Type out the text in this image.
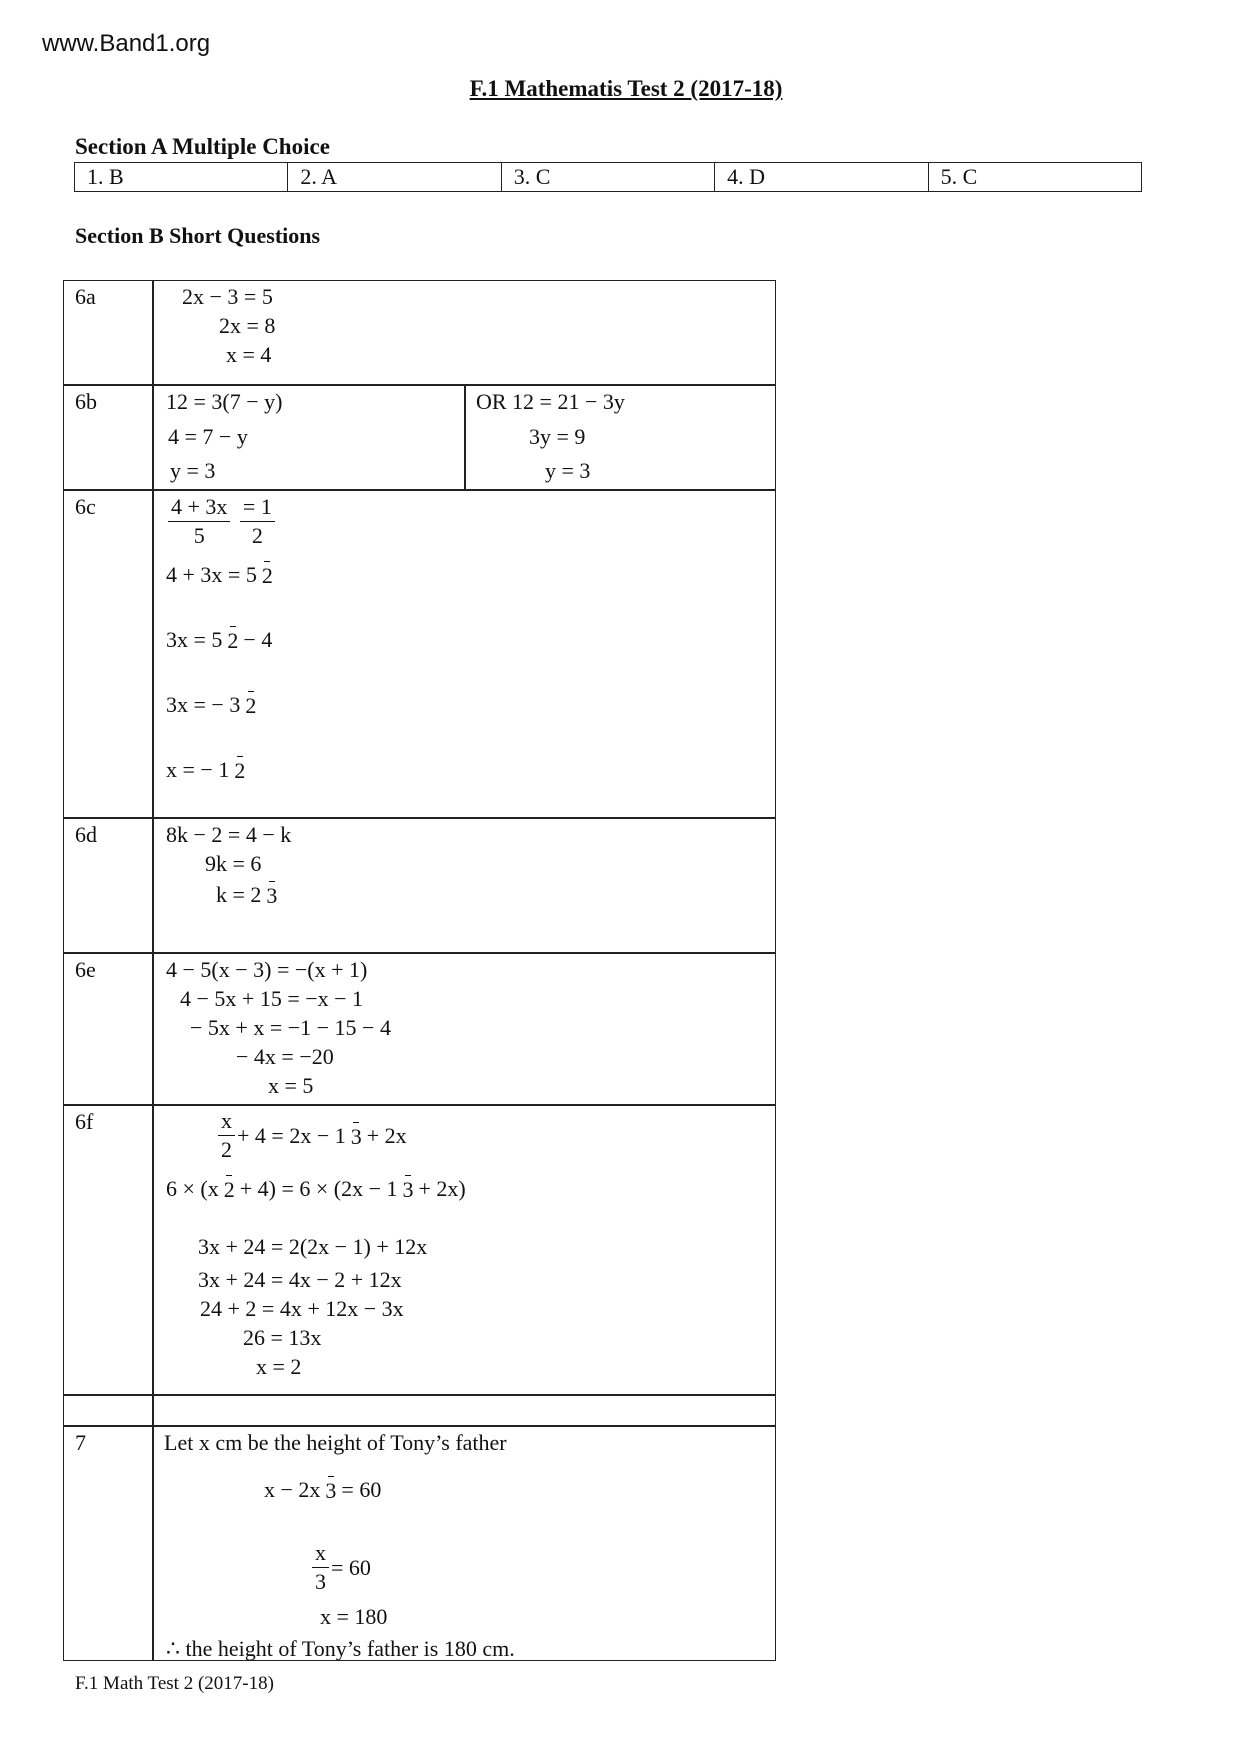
www.Band1.org
F.1 Mathematis Test 2 (2017-18)
Section A Multiple Choice
1. B	2. A	3. C	4. D	5. C
Section B Short Questions
6a	2x − 3 = 5
2x = 8
x = 4
6b	12 = 3(7 − y)
4 = 7 − y
y = 3
OR 12 = 21 − 3y
3y = 9
y = 3
6c	$\frac{4 + 3x}{5}$
$\frac{= 1}{2}$
4 + 3x = 5 2
3x = 5 2 − 4
3x = − 3 2
x = − 1 2
6d	8k − 2 = 4 − k
9k = 6
k = 2 3
6e	4 − 5(x − 3) = −(x + 1)
4 − 5x + 15 = −x − 1
− 5x + x = −1 − 15 − 4
− 4x = −20
x = 5
6f	$\frac{x}{2} + 4 = 2x - 1$ 3 + 2x
6 × (x 2 + 4) = 6 × (2x − 1 3 + 2x)
3x + 24 = 2(2x − 1) + 12x
3x + 24 = 4x − 2 + 12x
24 + 2 = 4x + 12x − 3x
26 = 13x
x = 2
7	Let x cm be the height of Tony’s father
x − 2x 3 = 60
$\frac{x}{3} = 60$
x = 180
∴ the height of Tony’s father is 180 cm.
F.1 Math Test 2 (2017-18)
